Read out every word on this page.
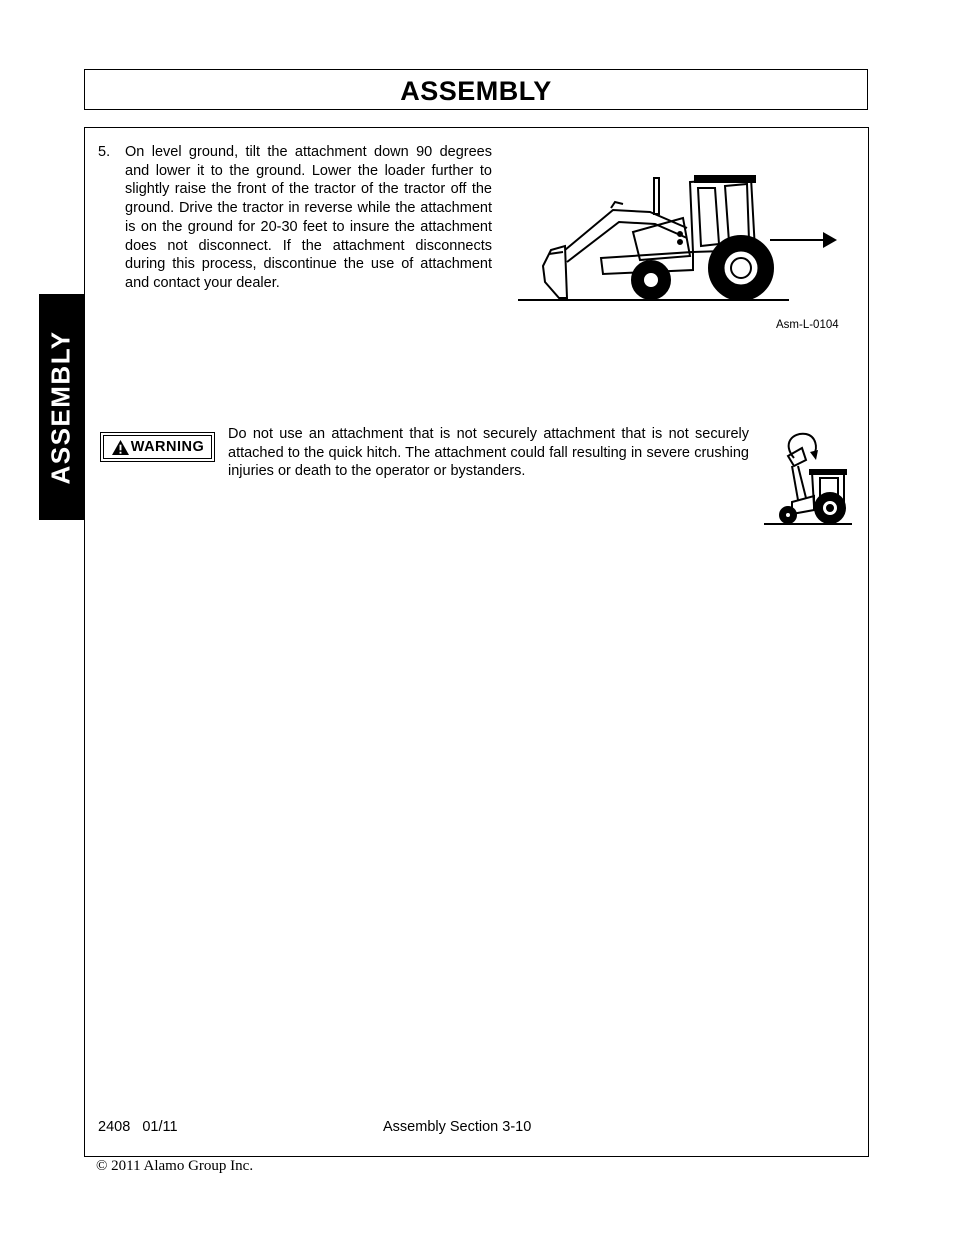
ASSEMBLY
ASSEMBLY
5. On level ground, tilt the attachment down 90 degrees and lower it to the ground. Lower the loader further to slightly raise the front of the tractor of the tractor off the ground. Drive the tractor in reverse while the attachment is on the ground for 20-30 feet to insure the attachment does not disconnect. If the attachment disconnects during this process, discontinue the use of attachment and contact your dealer.
Asm-L-0104
WARNING
Do not use an attachment that is not securely attachment that is not securely attached to the quick hitch. The attachment could fall resulting in severe crushing injuries or death to the operator or bystanders.
2408   01/11	Assembly Section 3-10
© 2011 Alamo Group Inc.
